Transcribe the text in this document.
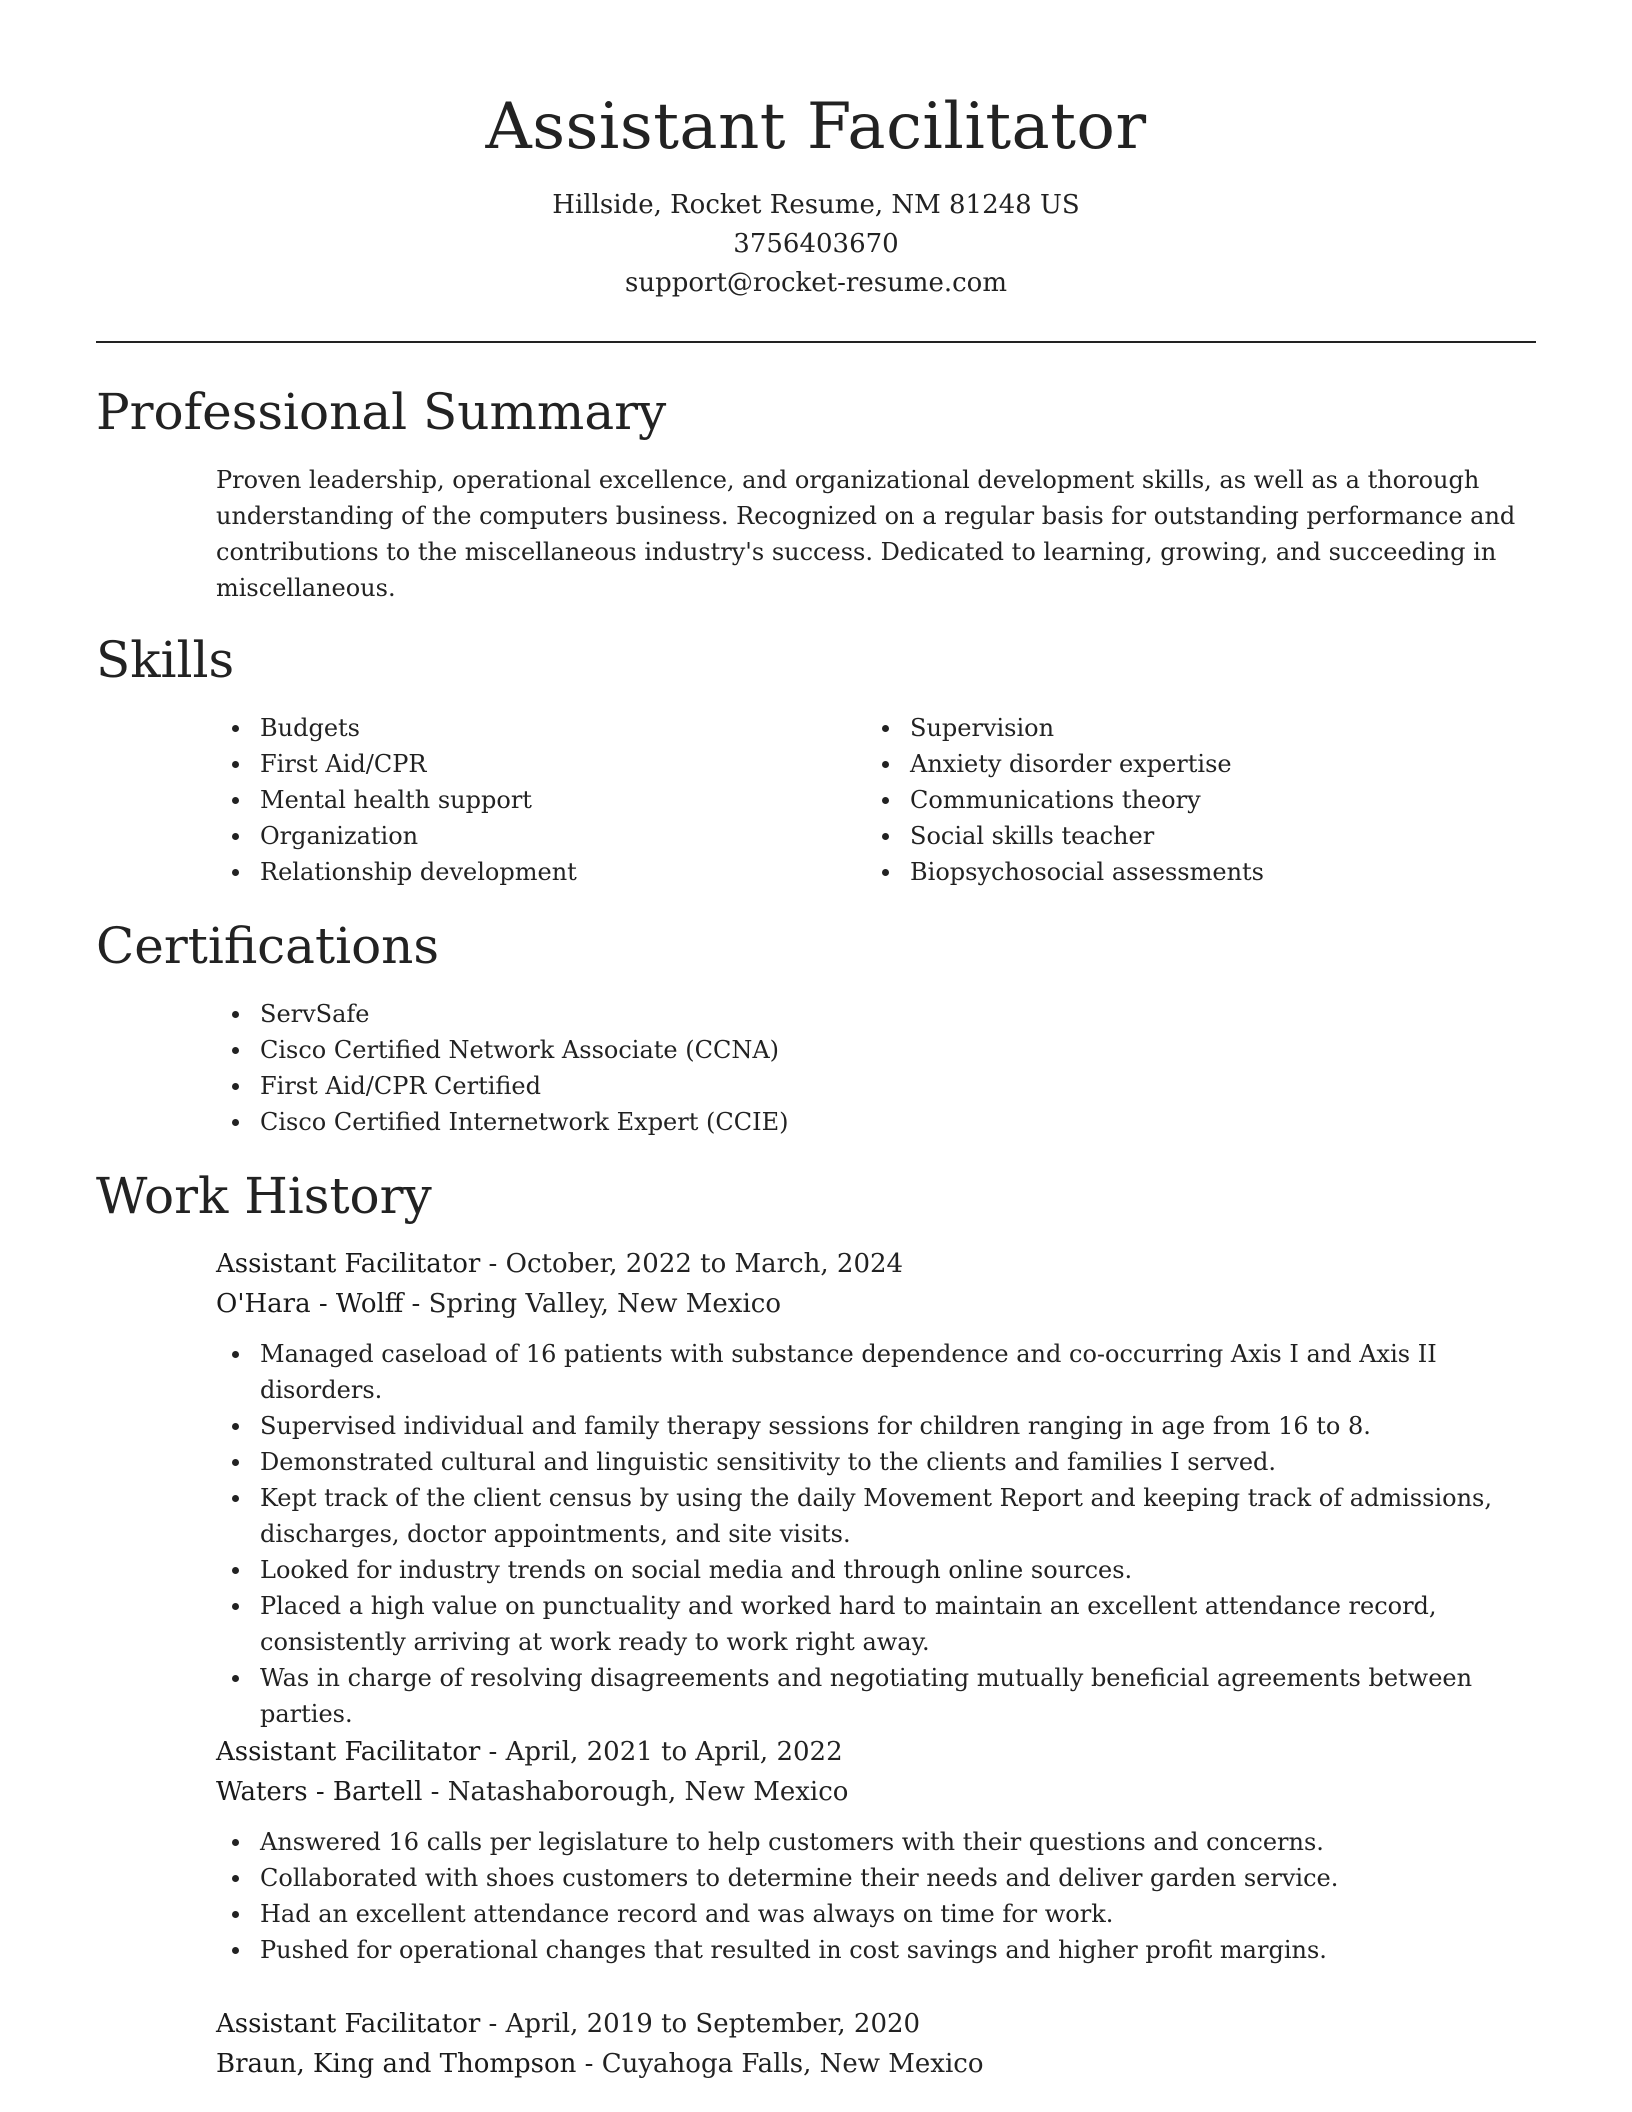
Assistant Facilitator
Hillside, Rocket Resume, NM 81248 US
3756403670
support@rocket-resume.com
Professional Summary

Proven leadership, operational excellence, and organizational development skills, as well as a thorough understanding of the computers business. Recognized on a regular basis for outstanding performance and contributions to the miscellaneous industry's success. Dedicated to learning, growing, and succeeding in miscellaneous.

Skills
Budgets
First Aid/CPR
Mental health support
Organization
Relationship development
Supervision
Anxiety disorder expertise
Communications theory
Social skills teacher
Biopsychosocial assessments
Certifications
ServSafe
Cisco Certified Network Associate (CCNA)
First Aid/CPR Certified
Cisco Certified Internetwork Expert (CCIE)
Work History
Assistant Facilitator - October, 2022 to March, 2024
O'Hara - Wolff - Spring Valley, New Mexico
Managed caseload of 16 patients with substance dependence and co-occurring Axis I and Axis II disorders.
Supervised individual and family therapy sessions for children ranging in age from 16 to 8.
Demonstrated cultural and linguistic sensitivity to the clients and families I served.
Kept track of the client census by using the daily Movement Report and keeping track of admissions, discharges, doctor appointments, and site visits.
Looked for industry trends on social media and through online sources.
Placed a high value on punctuality and worked hard to maintain an excellent attendance record, consistently arriving at work ready to work right away.
Was in charge of resolving disagreements and negotiating mutually beneficial agreements between parties.
Assistant Facilitator - April, 2021 to April, 2022
Waters - Bartell - Natashaborough, New Mexico
Answered 16 calls per legislature to help customers with their questions and concerns.
Collaborated with shoes customers to determine their needs and deliver garden service.
Had an excellent attendance record and was always on time for work.
Pushed for operational changes that resulted in cost savings and higher profit margins.
Assistant Facilitator - April, 2019 to September, 2020
Braun, King and Thompson - Cuyahoga Falls, New Mexico
